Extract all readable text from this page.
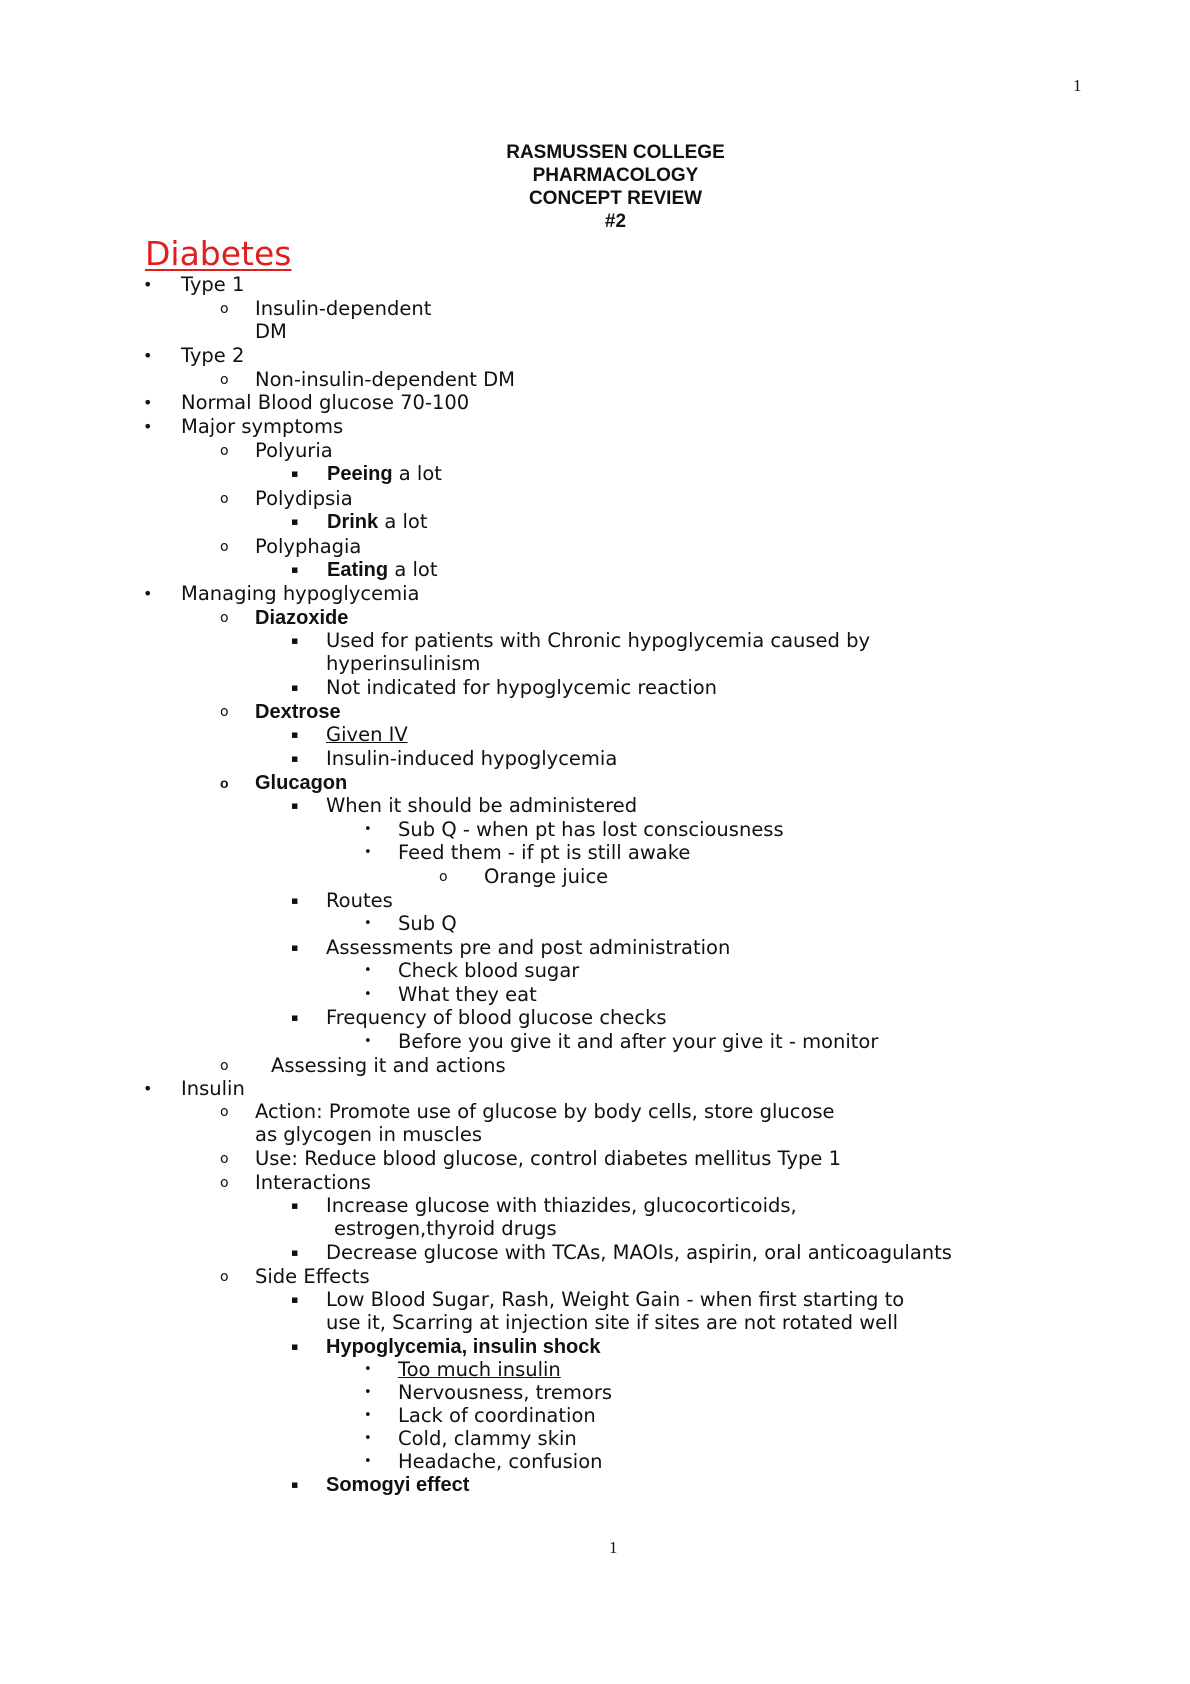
1
RASMUSSEN COLLEGE
PHARMACOLOGY
CONCEPT REVIEW
#2
Diabetes
• Type 1
o Insulin-dependent
DM
• Type 2
o Non-insulin-dependent DM
• Normal Blood glucose 70-100
• Major symptoms
o Polyuria
▪ Peeing a lot
o Polydipsia
▪ Drink a lot
o Polyphagia
▪ Eating a lot
• Managing hypoglycemia
o Diazoxide
▪ Used for patients with Chronic hypoglycemia caused by
hyperinsulinism
▪ Not indicated for hypoglycemic reaction
o Dextrose
▪ Given IV
▪ Insulin-induced hypoglycemia
o Glucagon
▪ When it should be administered
• Sub Q - when pt has lost consciousness
• Feed them - if pt is still awake
o Orange juice
▪ Routes
• Sub Q
▪ Assessments pre and post administration
• Check blood sugar
• What they eat
▪ Frequency of blood glucose checks
• Before you give it and after your give it - monitor
o Assessing it and actions
• Insulin
o Action: Promote use of glucose by body cells, store glucose
as glycogen in muscles
o Use: Reduce blood glucose, control diabetes mellitus Type 1
o Interactions
▪ Increase glucose with thiazides, glucocorticoids,
estrogen,thyroid drugs
▪ Decrease glucose with TCAs, MAOIs, aspirin, oral anticoagulants
o Side Effects
▪ Low Blood Sugar, Rash, Weight Gain - when first starting to
use it, Scarring at injection site if sites are not rotated well
▪ Hypoglycemia, insulin shock
• Too much insulin
• Nervousness, tremors
• Lack of coordination
• Cold, clammy skin
• Headache, confusion
▪ Somogyi effect
1
